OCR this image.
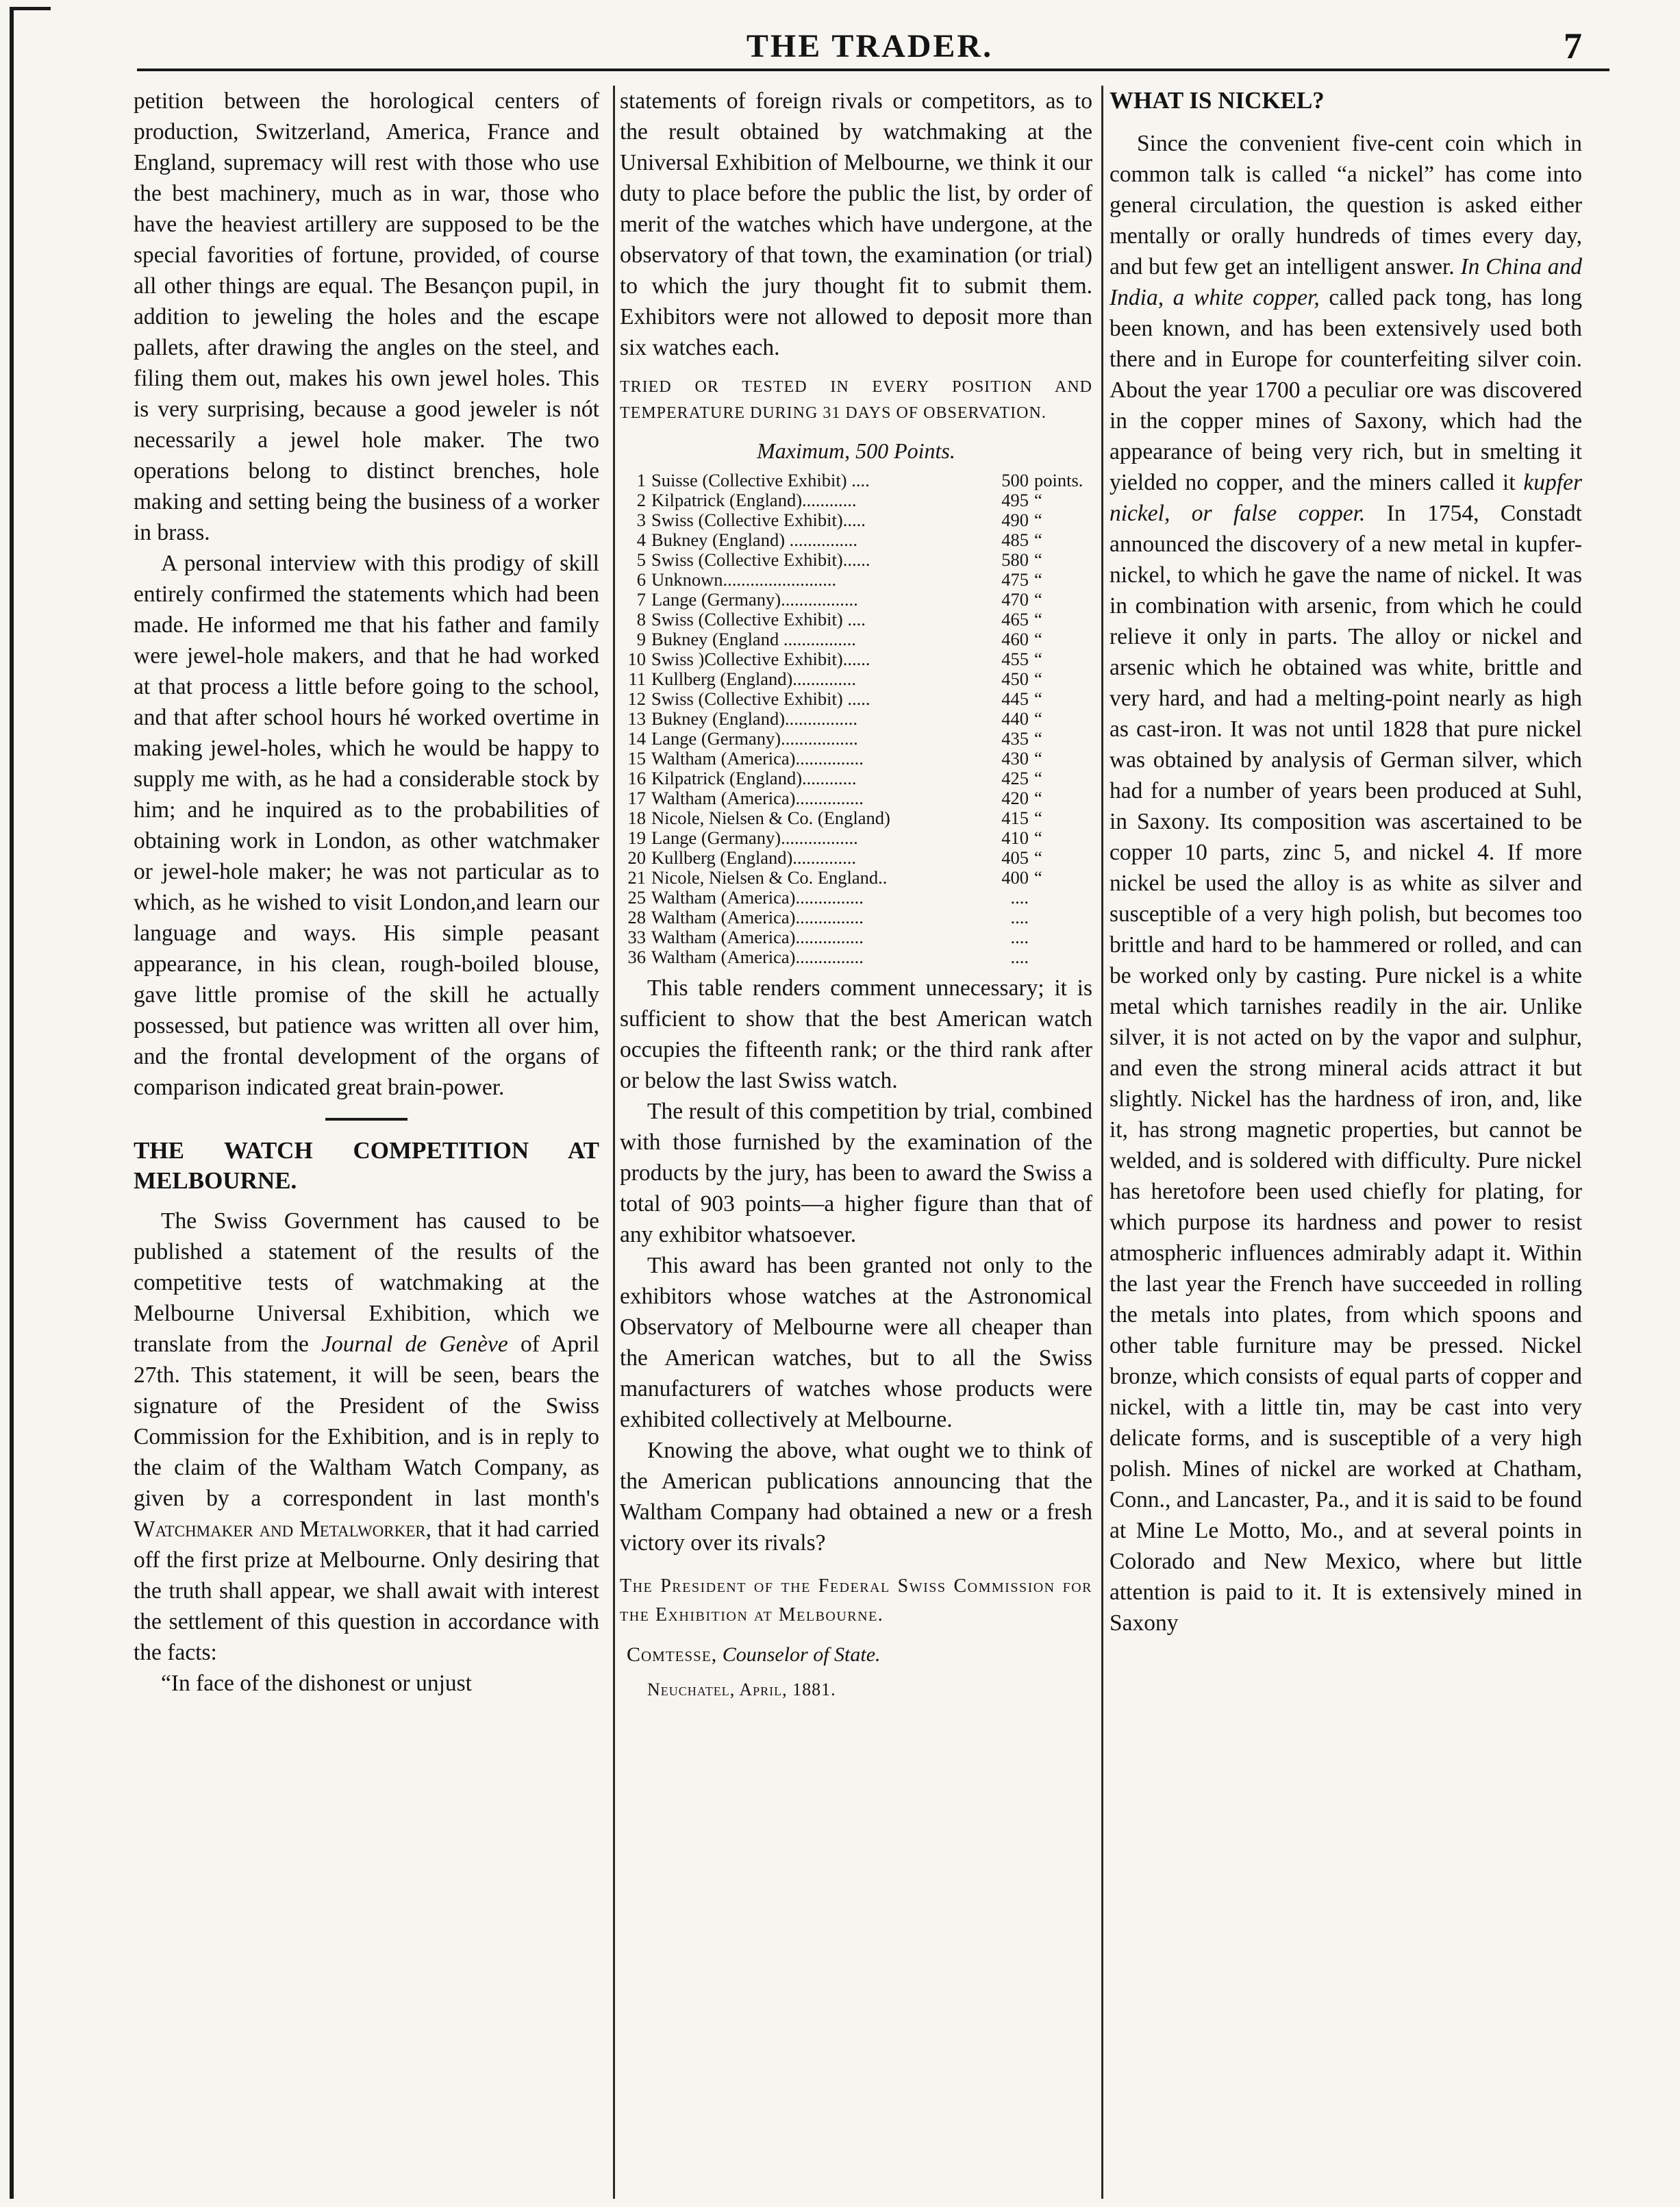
THE TRADER.	7

petition between the horological centers of production, Switzerland, America, France and England, supremacy will rest with those who use the best machinery, much as in war, those who have the heaviest artillery are supposed to be the special favorities of fortune, provided, of course all other things are equal. The Besançon pupil, in addition to jeweling the holes and the escape pallets, after drawing the angles on the steel, and filing them out, makes his own jewel holes. This is very surprising, because a good jeweler is nót necessarily a jewel hole maker. The two operations belong to distinct brenches, hole making and setting being the business of a worker in brass.

A personal interview with this prodigy of skill entirely confirmed the statements which had been made. He informed me that his father and family were jewel-hole makers, and that he had worked at that process a little before going to the school, and that after school hours hé worked overtime in making jewel-holes, which he would be happy to supply me with, as he had a considerable stock by him; and he inquired as to the probabilities of obtaining work in London, as other watchmaker or jewel-hole maker; he was not particular as to which, as he wished to visit London,and learn our language and ways. His simple peasant appearance, in his clean, rough-boiled blouse, gave little promise of the skill he actually possessed, but patience was written all over him, and the frontal development of the organs of comparison indicated great brain-power.

THE WATCH COMPETITION AT MELBOURNE.

The Swiss Government has caused to be published a statement of the results of the competitive tests of watchmaking at the Melbourne Universal Exhibition, which we translate from the Journal de Genève of April 27th. This statement, it will be seen, bears the signature of the President of the Swiss Commission for the Exhibition, and is in reply to the claim of the Waltham Watch Company, as given by a correspondent in last month's Watchmaker and Metalworker, that it had carried off the first prize at Melbourne. Only desiring that the truth shall appear, we shall await with interest the settlement of this question in accordance with the facts:

“In face of the dishonest or unjust

statements of foreign rivals or competitors, as to the result obtained by watchmaking at the Universal Exhibition of Melbourne, we think it our duty to place before the public the list, by order of merit of the watches which have undergone, at the observatory of that town, the examination (or trial) to which the jury thought fit to submit them. Exhibitors were not allowed to deposit more than six watches each.

TRIED OR TESTED IN EVERY POSITION AND TEMPERATURE DURING 31 DAYS OF OBSERVATION.

Maximum, 500 Points.

1	Suisse (Collective Exhibit) ....	500	points.
2	Kilpatrick (England)............	495	“
3	Swiss (Collective Exhibit).....	490	“
4	Bukney (England) ...............	485	“
5	Swiss (Collective Exhibit)......	580	“
6	Unknown.........................	475	“
7	Lange (Germany).................	470	“
8	Swiss (Collective Exhibit) ....	465	“
9	Bukney (England ................	460	“
10	Swiss )Collective Exhibit)......	455	“
11	Kullberg (England)..............	450	“
12	Swiss (Collective Exhibit) .....	445	“
13	Bukney (England)................	440	“
14	Lange (Germany).................	435	“
15	Waltham (America)...............	430	“
16	Kilpatrick (England)............	425	“
17	Waltham (America)...............	420	“
18	Nicole, Nielsen & Co. (England)	415	“
19	Lange (Germany).................	410	“
20	Kullberg (England)..............	405	“
21	Nicole, Nielsen & Co. England..	400	“
25	Waltham (America)...............	....	
28	Waltham (America)...............	....	
33	Waltham (America)...............	....	
36	Waltham (America)...............	....	

This table renders comment unnecessary; it is sufficient to show that the best American watch occupies the fifteenth rank; or the third rank after or below the last Swiss watch.

The result of this competition by trial, combined with those furnished by the examination of the products by the jury, has been to award the Swiss a total of 903 points—a higher figure than that of any exhibitor whatsoever.

This award has been granted not only to the exhibitors whose watches at the Astronomical Observatory of Melbourne were all cheaper than the American watches, but to all the Swiss manufacturers of watches whose products were exhibited collectively at Melbourne.

Knowing the above, what ought we to think of the American publications announcing that the Waltham Company had obtained a new or a fresh victory over its rivals?

The President of the Federal Swiss Commission for the Exhibition at Melbourne.

Comtesse, Counselor of State.

Neuchatel, April, 1881.

WHAT IS NICKEL?

Since the convenient five-cent coin which in common talk is called “a nickel” has come into general circulation, the question is asked either mentally or orally hundreds of times every day, and but few get an intelligent answer. In China and India, a white copper, called pack tong, has long been known, and has been extensively used both there and in Europe for counterfeiting silver coin. About the year 1700 a peculiar ore was discovered in the copper mines of Saxony, which had the appearance of being very rich, but in smelting it yielded no copper, and the miners called it kupfer nickel, or false copper. In 1754, Constadt announced the discovery of a new metal in kupfer-nickel, to which he gave the name of nickel. It was in combination with arsenic, from which he could relieve it only in parts. The alloy or nickel and arsenic which he obtained was white, brittle and very hard, and had a melting-point nearly as high as cast-iron. It was not until 1828 that pure nickel was obtained by analysis of German silver, which had for a number of years been produced at Suhl, in Saxony. Its composition was ascertained to be copper 10 parts, zinc 5, and nickel 4. If more nickel be used the alloy is as white as silver and susceptible of a very high polish, but becomes too brittle and hard to be hammered or rolled, and can be worked only by casting. Pure nickel is a white metal which tarnishes readily in the air. Unlike silver, it is not acted on by the vapor and sulphur, and even the strong mineral acids attract it but slightly. Nickel has the hardness of iron, and, like it, has strong magnetic properties, but cannot be welded, and is soldered with difficulty. Pure nickel has heretofore been used chiefly for plating, for which purpose its hardness and power to resist atmospheric influences admirably adapt it. Within the last year the French have succeeded in rolling the metals into plates, from which spoons and other table furniture may be pressed. Nickel bronze, which consists of equal parts of copper and nickel, with a little tin, may be cast into very delicate forms, and is susceptible of a very high polish. Mines of nickel are worked at Chatham, Conn., and Lancaster, Pa., and it is said to be found at Mine Le Motto, Mo., and at several points in Colorado and New Mexico, where but little attention is paid to it. It is extensively mined in Saxony
